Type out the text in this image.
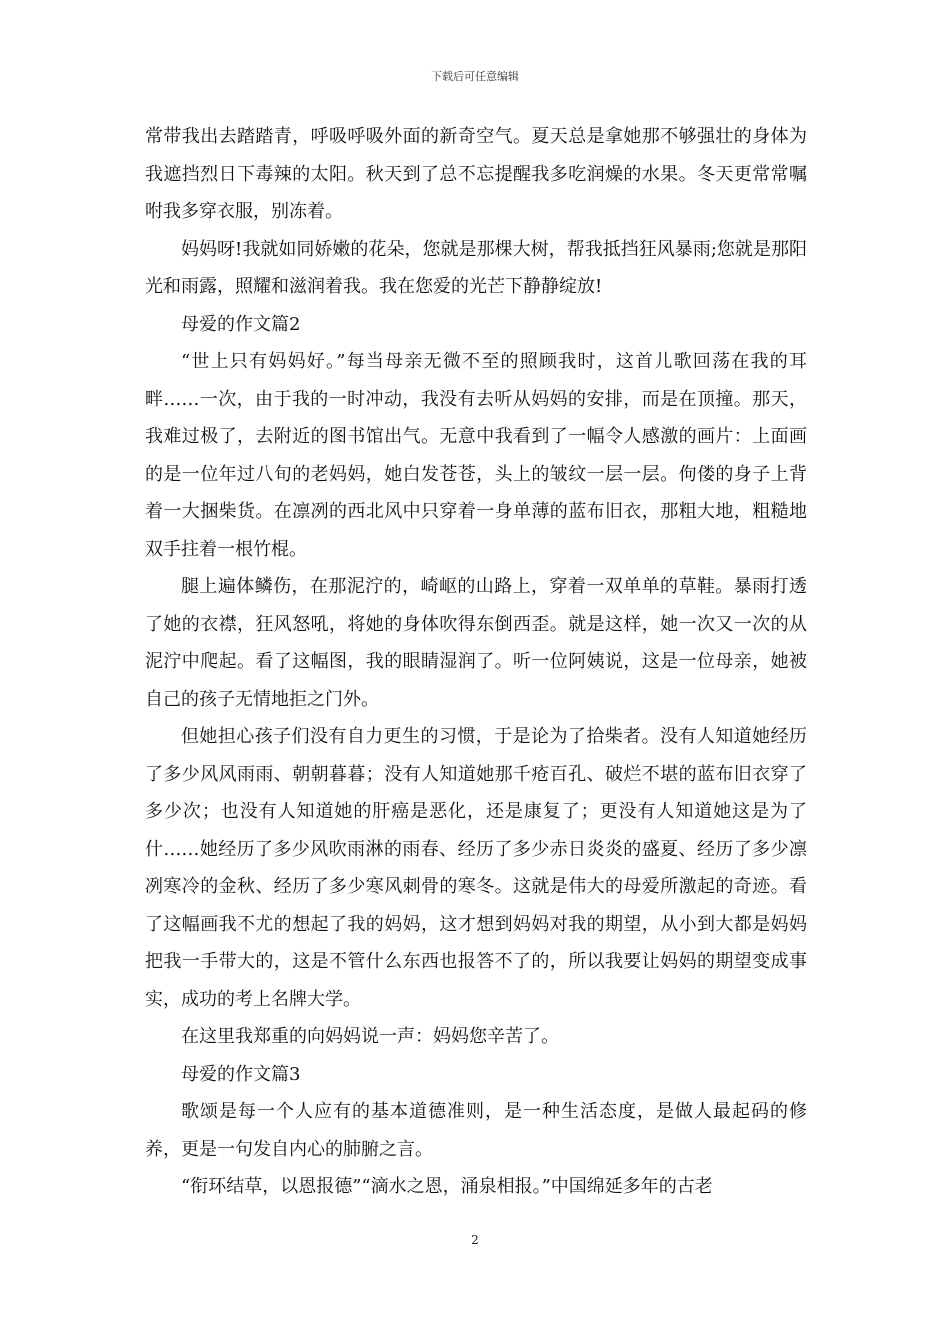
下载后可任意编辑

常带我出去踏踏青，呼吸呼吸外面的新奇空气。夏天总是拿她那不够强壮的身体为我遮挡烈日下毒辣的太阳。秋天到了总不忘提醒我多吃润燥的水果。冬天更常常嘱咐我多穿衣服，别冻着。

妈妈呀!我就如同娇嫩的花朵，您就是那棵大树，帮我抵挡狂风暴雨;您就是那阳光和雨露，照耀和滋润着我。我在您爱的光芒下静静绽放!

母爱的作文篇2

“世上只有妈妈好。”每当母亲无微不至的照顾我时，这首儿歌回荡在我的耳畔……一次，由于我的一时冲动，我没有去听从妈妈的安排，而是在顶撞。那天，我难过极了，去附近的图书馆出气。无意中我看到了一幅令人感激的画片：上面画的是一位年过八旬的老妈妈，她白发苍苍，头上的皱纹一层一层。佝偻的身子上背着一大捆柴货。在凛冽的西北风中只穿着一身单薄的蓝布旧衣，那粗大地，粗糙地双手拄着一根竹棍。

腿上遍体鳞伤，在那泥泞的，崎岖的山路上，穿着一双单单的草鞋。暴雨打透了她的衣襟，狂风怒吼，将她的身体吹得东倒西歪。就是这样，她一次又一次的从泥泞中爬起。看了这幅图，我的眼睛湿润了。听一位阿姨说，这是一位母亲，她被自己的孩子无情地拒之门外。

但她担心孩子们没有自力更生的习惯，于是论为了拾柴者。没有人知道她经历了多少风风雨雨、朝朝暮暮；没有人知道她那千疮百孔、破烂不堪的蓝布旧衣穿了多少次；也没有人知道她的肝癌是恶化，还是康复了；更没有人知道她这是为了什……她经历了多少风吹雨淋的雨春、经历了多少赤日炎炎的盛夏、经历了多少凛冽寒冷的金秋、经历了多少寒风刺骨的寒冬。这就是伟大的母爱所激起的奇迹。看了这幅画我不尤的想起了我的妈妈，这才想到妈妈对我的期望，从小到大都是妈妈把我一手带大的，这是不管什么东西也报答不了的，所以我要让妈妈的期望变成事实，成功的考上名牌大学。

在这里我郑重的向妈妈说一声：妈妈您辛苦了。

母爱的作文篇3

歌颂是每一个人应有的基本道德准则，是一种生活态度，是做人最起码的修养，更是一句发自内心的肺腑之言。

“衔环结草，以恩报德”“滴水之恩，涌泉相报。”中国绵延多年的古老

2
